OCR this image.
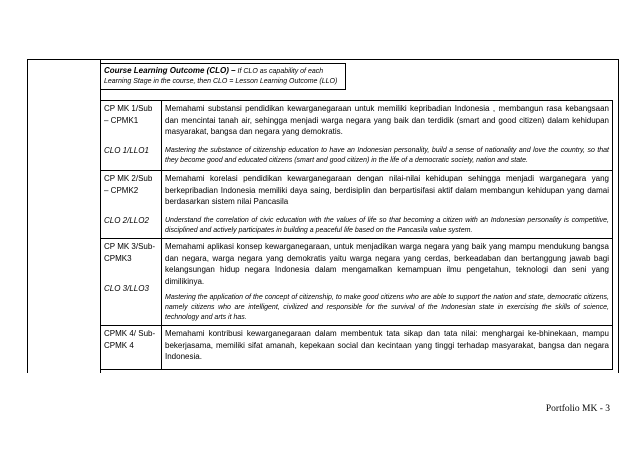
Course Learning Outcome (CLO) – If CLO as capability of each Learning Stage in the course, then CLO = Lesson Learning Outcome (LLO)
CP MK 1/Sub – CPMK1
CLO 1/LLO1	Memahami substansi pendidikan kewarganegaraan untuk memiliki kepribadian Indonesia , membangun rasa kebangsaan dan mencintai tanah air, sehingga menjadi warga negara yang baik dan terdidik (smart and good citizen) dalam kehidupan masyarakat, bangsa dan negara yang demokratis.
Mastering the substance of citizenship education to have an Indonesian personality, build a sense of nationality and love the country, so that they become good and educated citizens (smart and good citizen) in the life of a democratic society, nation and state.

CP MK 2/Sub – CPMK2
CLO 2/LLO2	Memahami korelasi pendidikan kewarganegaraan dengan nilai-nilai kehidupan sehingga menjadi warganegara yang berkepribadian Indonesia memiliki daya saing, berdisiplin dan berpartisifasi aktif dalam membangun kehidupan yang damai berdasarkan sistem nilai Pancasila
Understand the correlation of civic education with the values of life so that becoming a citizen with an Indonesian personality is competitive, disciplined and actively participates in building a peaceful life based on the Pancasila value system.

CP MK 3/Sub- CPMK3
CLO 3/LLO3	Memahami aplikasi konsep kewarganegaraan, untuk menjadikan warga negara yang baik yang mampu mendukung bangsa dan negara, warga negara yang demokratis yaitu warga negara yang cerdas, berkeadaban dan bertanggung jawab bagi kelangsungan hidup negara Indonesia dalam mengamalkan kemampuan ilmu pengetahun, teknologi dan seni yang dimilikinya.
Mastering the application of the concept of citizenship, to make good citizens who are able to support the nation and state, democratic citizens, namely citizens who are intelligent, civilized and responsible for the survival of the Indonesian state in exercising the skills of science, technology and arts it has.

CPMK 4/ Sub- CPMK 4	Memahami kontribusi kewarganegaraan dalam membentuk tata sikap dan tata nilai: menghargai ke-bhinekaan, mampu bekerjasama, memiliki sifat amanah, kepekaan social dan kecintaan yang tinggi terhadap masyarakat, bangsa dan negara Indonesia.
Portfolio MK - 3
